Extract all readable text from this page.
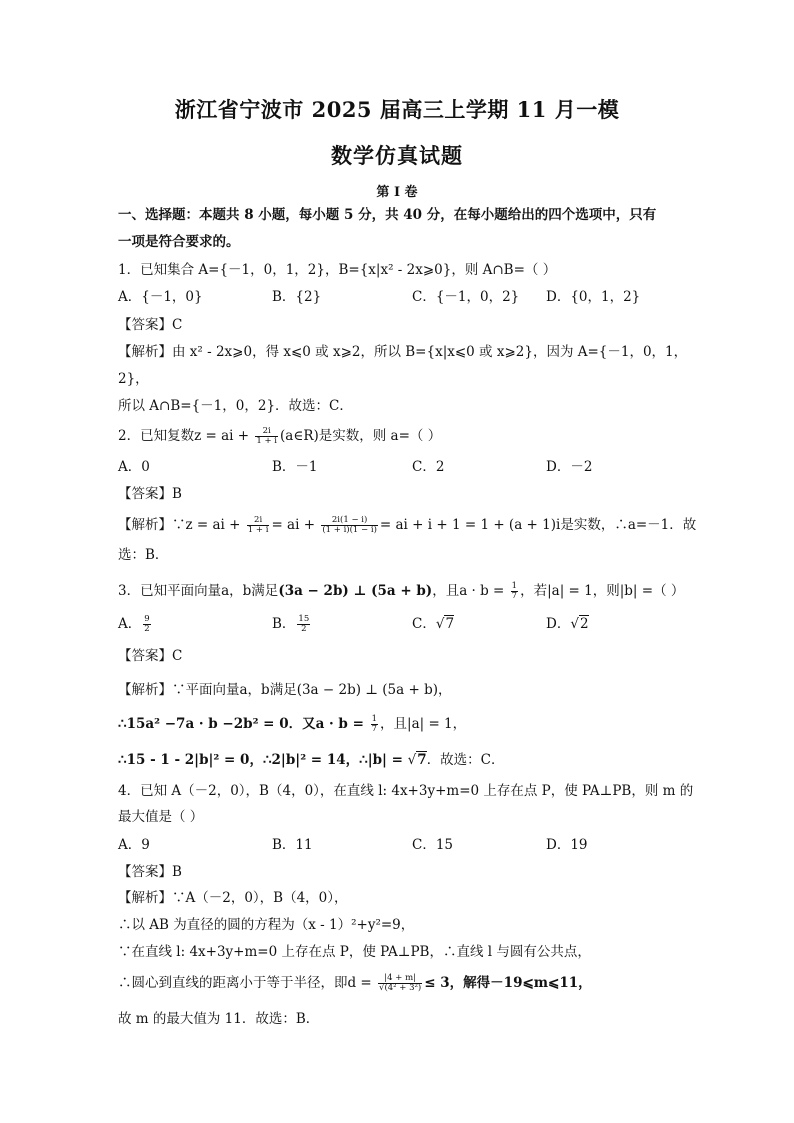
浙江省宁波市 2025 届高三上学期 11 月一模
数学仿真试题
第 I 卷
一、选择题：本题共 8 小题，每小题 5 分，共 40 分，在每小题给出的四个选项中，只有
一项是符合要求的。
1．已知集合 A={－1，0，1，2}，B={x|x² - 2x⩾0}，则 A∩B=（ ）
A．{－1，0}	B．{2}	C．{－1，0，2} D．{0，1，2}
【答案】C
【解析】由 x² - 2x⩾0，得 x⩽0 或 x⩾2，所以 B={x|x⩽0 或 x⩾2}，因为 A={－1，0，1，
2}，
所以 A∩B={－1，0，2}．故选：C．
2．已知复数z = ai + $\frac{2i}{1 + i}$ (a∈R)是实数，则 a=（ ）
A．0	B．－1	C．2	D．－2
【答案】B
【解析】∵z = ai + $\frac{2i}{1 + i}$ = ai + $\frac{2i(1 - i)}{(1 + i)(1 - i)}$ = ai + i + 1 = 1 + (a + 1)i是实数，∴a=－1．故
选：B．
3．已知平面向量a，b满足(3a − 2b) ⊥ (5a + b)，且$a \cdot b = \frac{1}{7}$ ，若|a| = 1，则|b| =（ ）
A． $\frac{9}{2}$	B． $\frac{15}{2}$	C．√7	D．√2
【答案】C
【解析】∵平面向量a，b满足(3a − 2b) ⊥ (5a + b)，
∴15a² −7a · b −2b² = 0．又$a \cdot b = \frac{1}{7}$ ，且|a| = 1，
∴15 - 1 - 2|b|² = 0，∴2|b|² = 14，∴|b| = √7．故选：C．
4．已知 A（－2，0），B（4，0），在直线 l: 4x+3y+m=0 上存在点 P，使 PA⊥PB，则 m 的
最大值是（ ）
A．9	B．11	C．15	D．19
【答案】B
【解析】∵A（－2，0），B（4，0），
∴以 AB 为直径的圆的方程为（x - 1）²+y²=9，
∵在直线 l: 4x+3y+m=0 上存在点 P，使 PA⊥PB，∴直线 l 与圆有公共点，
∴圆心到直线的距离小于等于半径，即$d = \frac{|4 + m|}{\text{√(4² + 3²)}} \le 3$，解得－19⩽m⩽11，
故 m 的最大值为 11．故选：B．
